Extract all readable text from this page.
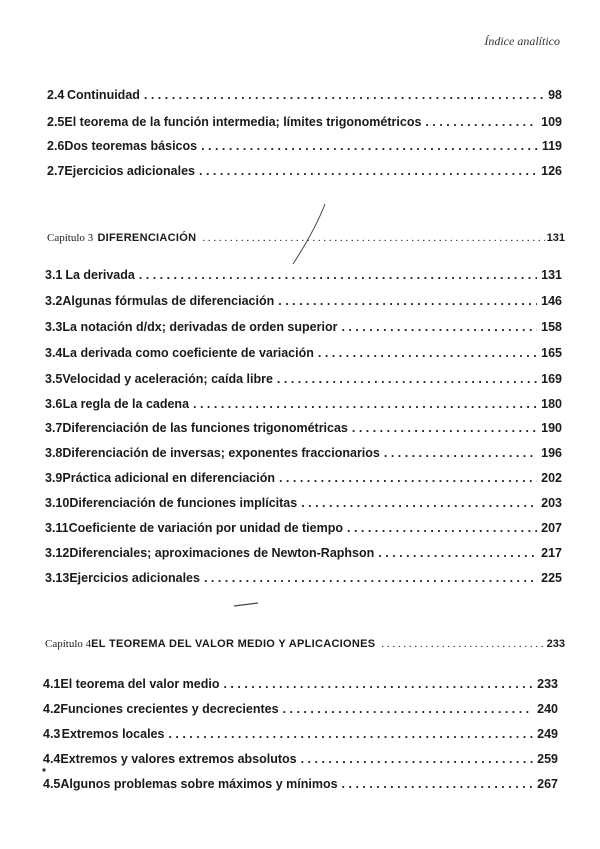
Índice analítico
2.4 Continuidad . . .	98
2.5 El teorema de la función intermedia; límites trigonométricos . . .	109
2.6 Dos teoremas básicos . . .	119
2.7 Ejercicios adicionales . . .	126
Capítulo 3 DIFERENCIACIÓN . . .	131
3.1 La derivada . . .	131
3.2 Algunas fórmulas de diferenciación . . .	146
3.3 La notación d/dx; derivadas de orden superior . . .	158
3.4 La derivada como coeficiente de variación . . .	165
3.5 Velocidad y aceleración; caída libre . . .	169
3.6 La regla de la cadena . . .	180
3.7 Diferenciación de las funciones trigonométricas . . .	190
3.8 Diferenciación de inversas; exponentes fraccionarios . . .	196
3.9 Práctica adicional en diferenciación . . .	202
3.10 Diferenciación de funciones implícitas . . .	203
3.11 Coeficiente de variación por unidad de tiempo . . .	207
3.12 Diferenciales; aproximaciones de Newton-Raphson . . .	217
3.13 Ejercicios adicionales . . .	225
Capítulo 4 EL TEOREMA DEL VALOR MEDIO Y APLICACIONES . . .	233
4.1 El teorema del valor medio . . .	233
4.2 Funciones crecientes y decrecientes . . .	240
4.3 Extremos locales . . .	249
4.4 Extremos y valores extremos absolutos . . .	259
4.5 Algunos problemas sobre máximos y mínimos . . .	267
